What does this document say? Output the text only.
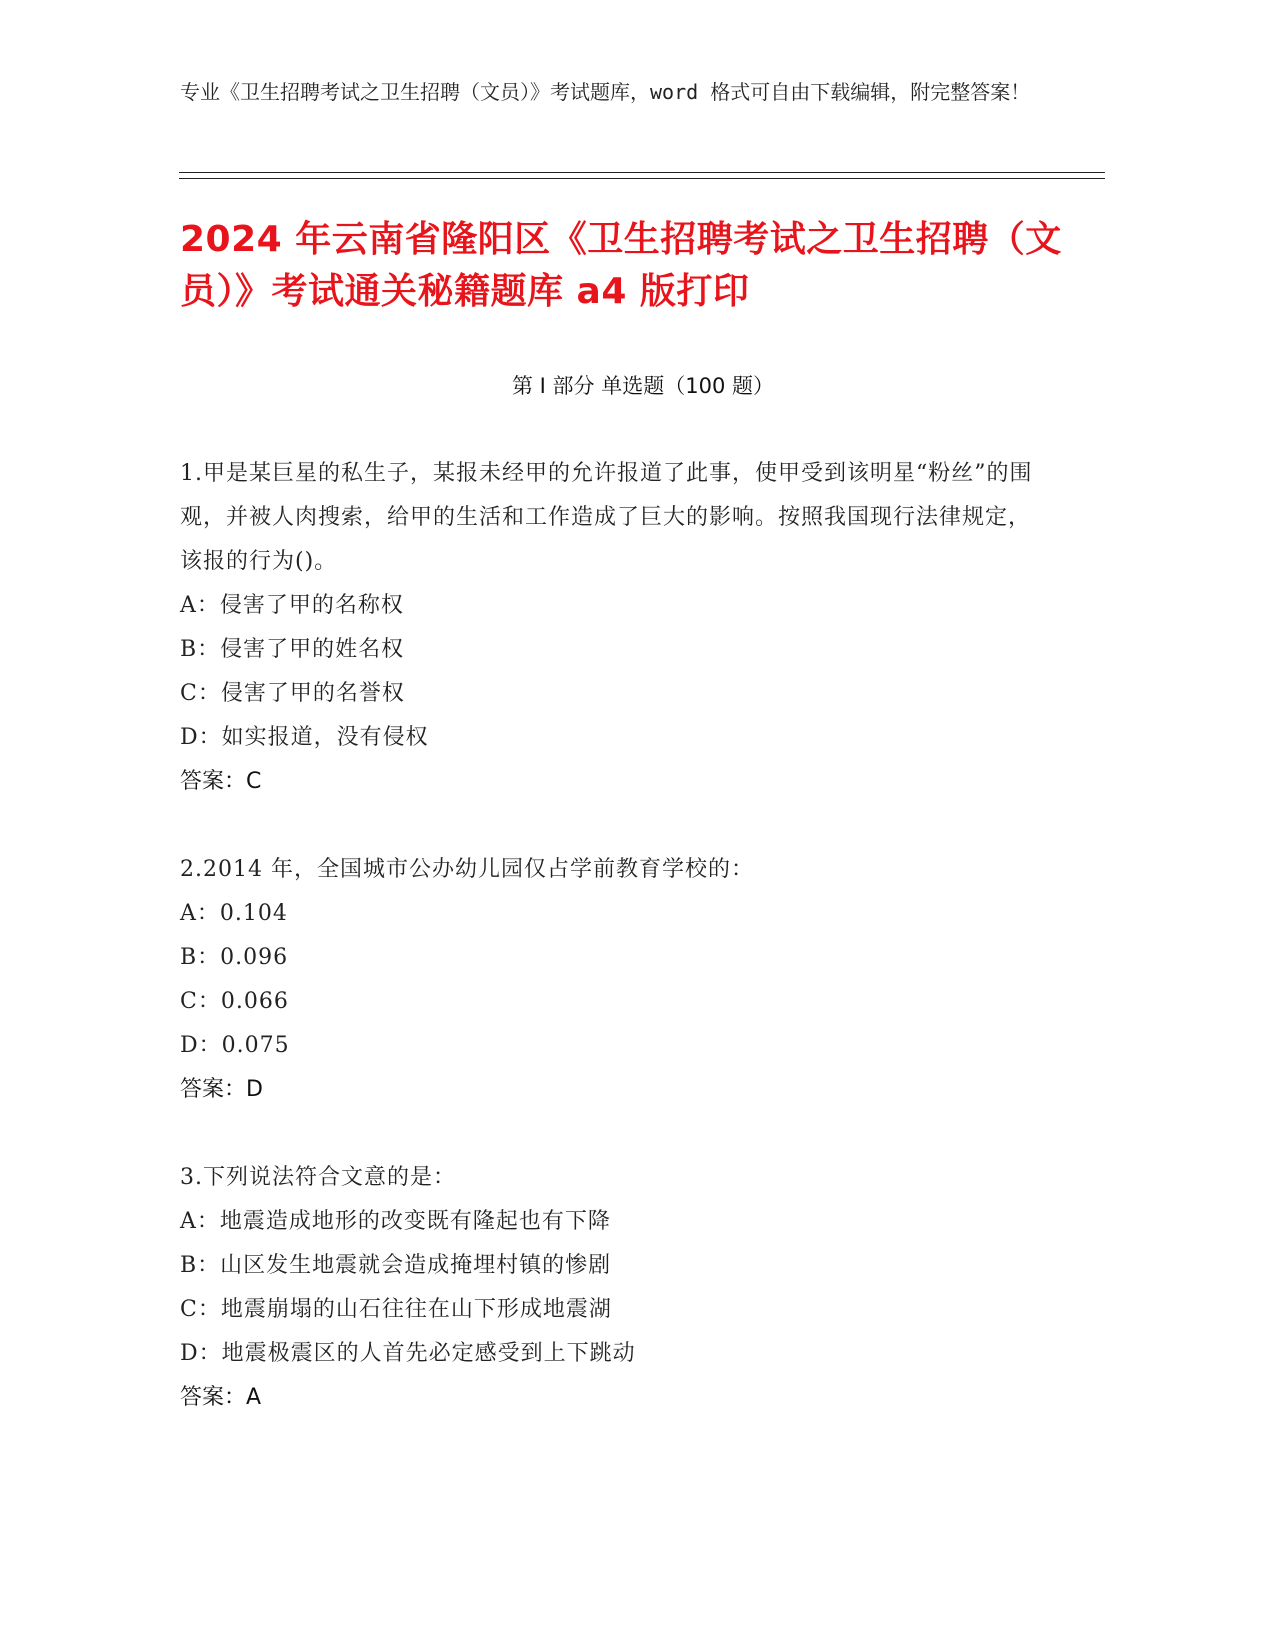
专业《卫生招聘考试之卫生招聘（文员）》考试题库，word 格式可自由下载编辑，附完整答案！
2024 年云南省隆阳区《卫生招聘考试之卫生招聘（文员）》考试通关秘籍题库 a4 版打印
第 I 部分 单选题（100 题）
1.甲是某巨星的私生子，某报未经甲的允许报道了此事，使甲受到该明星“粉丝”的围观，并被人肉搜索，给甲的生活和工作造成了巨大的影响。按照我国现行法律规定，该报的行为()。
A：侵害了甲的名称权
B：侵害了甲的姓名权
C：侵害了甲的名誉权
D：如实报道，没有侵权
答案：C
2.2014 年，全国城市公办幼儿园仅占学前教育学校的：
A：0.104
B：0.096
C：0.066
D：0.075
答案：D
3.下列说法符合文意的是：
A：地震造成地形的改变既有隆起也有下降
B：山区发生地震就会造成掩埋村镇的惨剧
C：地震崩塌的山石往往在山下形成地震湖
D：地震极震区的人首先必定感受到上下跳动
答案：A
